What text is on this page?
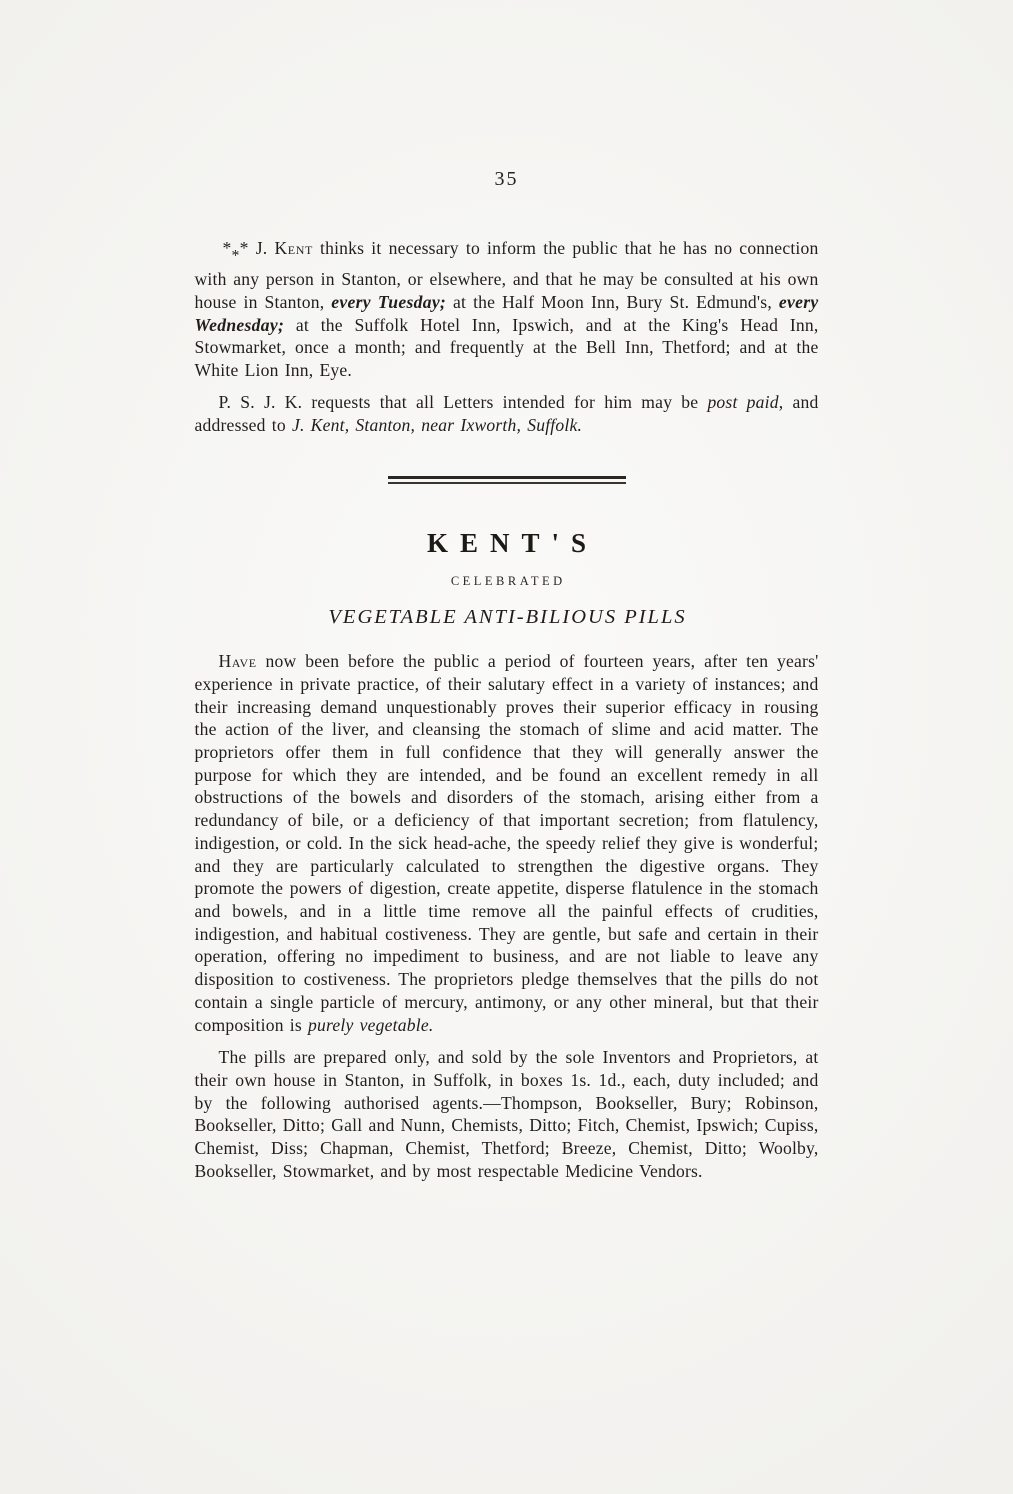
35

*** J. Kent thinks it necessary to inform the public that he has no connection with any person in Stanton, or elsewhere, and that he may be consulted at his own house in Stanton, every Tuesday; at the Half Moon Inn, Bury St. Edmund's, every Wednesday; at the Suffolk Hotel Inn, Ipswich, and at the King's Head Inn, Stowmarket, once a month; and frequently at the Bell Inn, Thetford; and at the White Lion Inn, Eye.

P. S. J. K. requests that all Letters intended for him may be post paid, and addressed to J. Kent, Stanton, near Ixworth, Suffolk.

KENT'S
CELEBRATED
VEGETABLE ANTI-BILIOUS PILLS

Have now been before the public a period of fourteen years, after ten years' experience in private practice, of their salutary effect in a variety of instances; and their increasing demand unquestionably proves their superior efficacy in rousing the action of the liver, and cleansing the stomach of slime and acid matter. The proprietors offer them in full confidence that they will generally answer the purpose for which they are intended, and be found an excellent remedy in all obstructions of the bowels and disorders of the stomach, arising either from a redundancy of bile, or a deficiency of that important secretion; from flatulency, indigestion, or cold. In the sick head-ache, the speedy relief they give is wonderful; and they are particularly calculated to strengthen the digestive organs. They promote the powers of digestion, create appetite, disperse flatulence in the stomach and bowels, and in a little time remove all the painful effects of crudities, indigestion, and habitual costiveness. They are gentle, but safe and certain in their operation, offering no impediment to business, and are not liable to leave any disposition to costiveness. The proprietors pledge themselves that the pills do not contain a single particle of mercury, antimony, or any other mineral, but that their composition is purely vegetable.

The pills are prepared only, and sold by the sole Inventors and Proprietors, at their own house in Stanton, in Suffolk, in boxes 1s. 1d., each, duty included; and by the following authorised agents.—Thompson, Bookseller, Bury; Robinson, Bookseller, Ditto; Gall and Nunn, Chemists, Ditto; Fitch, Chemist, Ipswich; Cupiss, Chemist, Diss; Chapman, Chemist, Thetford; Breeze, Chemist, Ditto; Woolby, Bookseller, Stowmarket, and by most respectable Medicine Vendors.
